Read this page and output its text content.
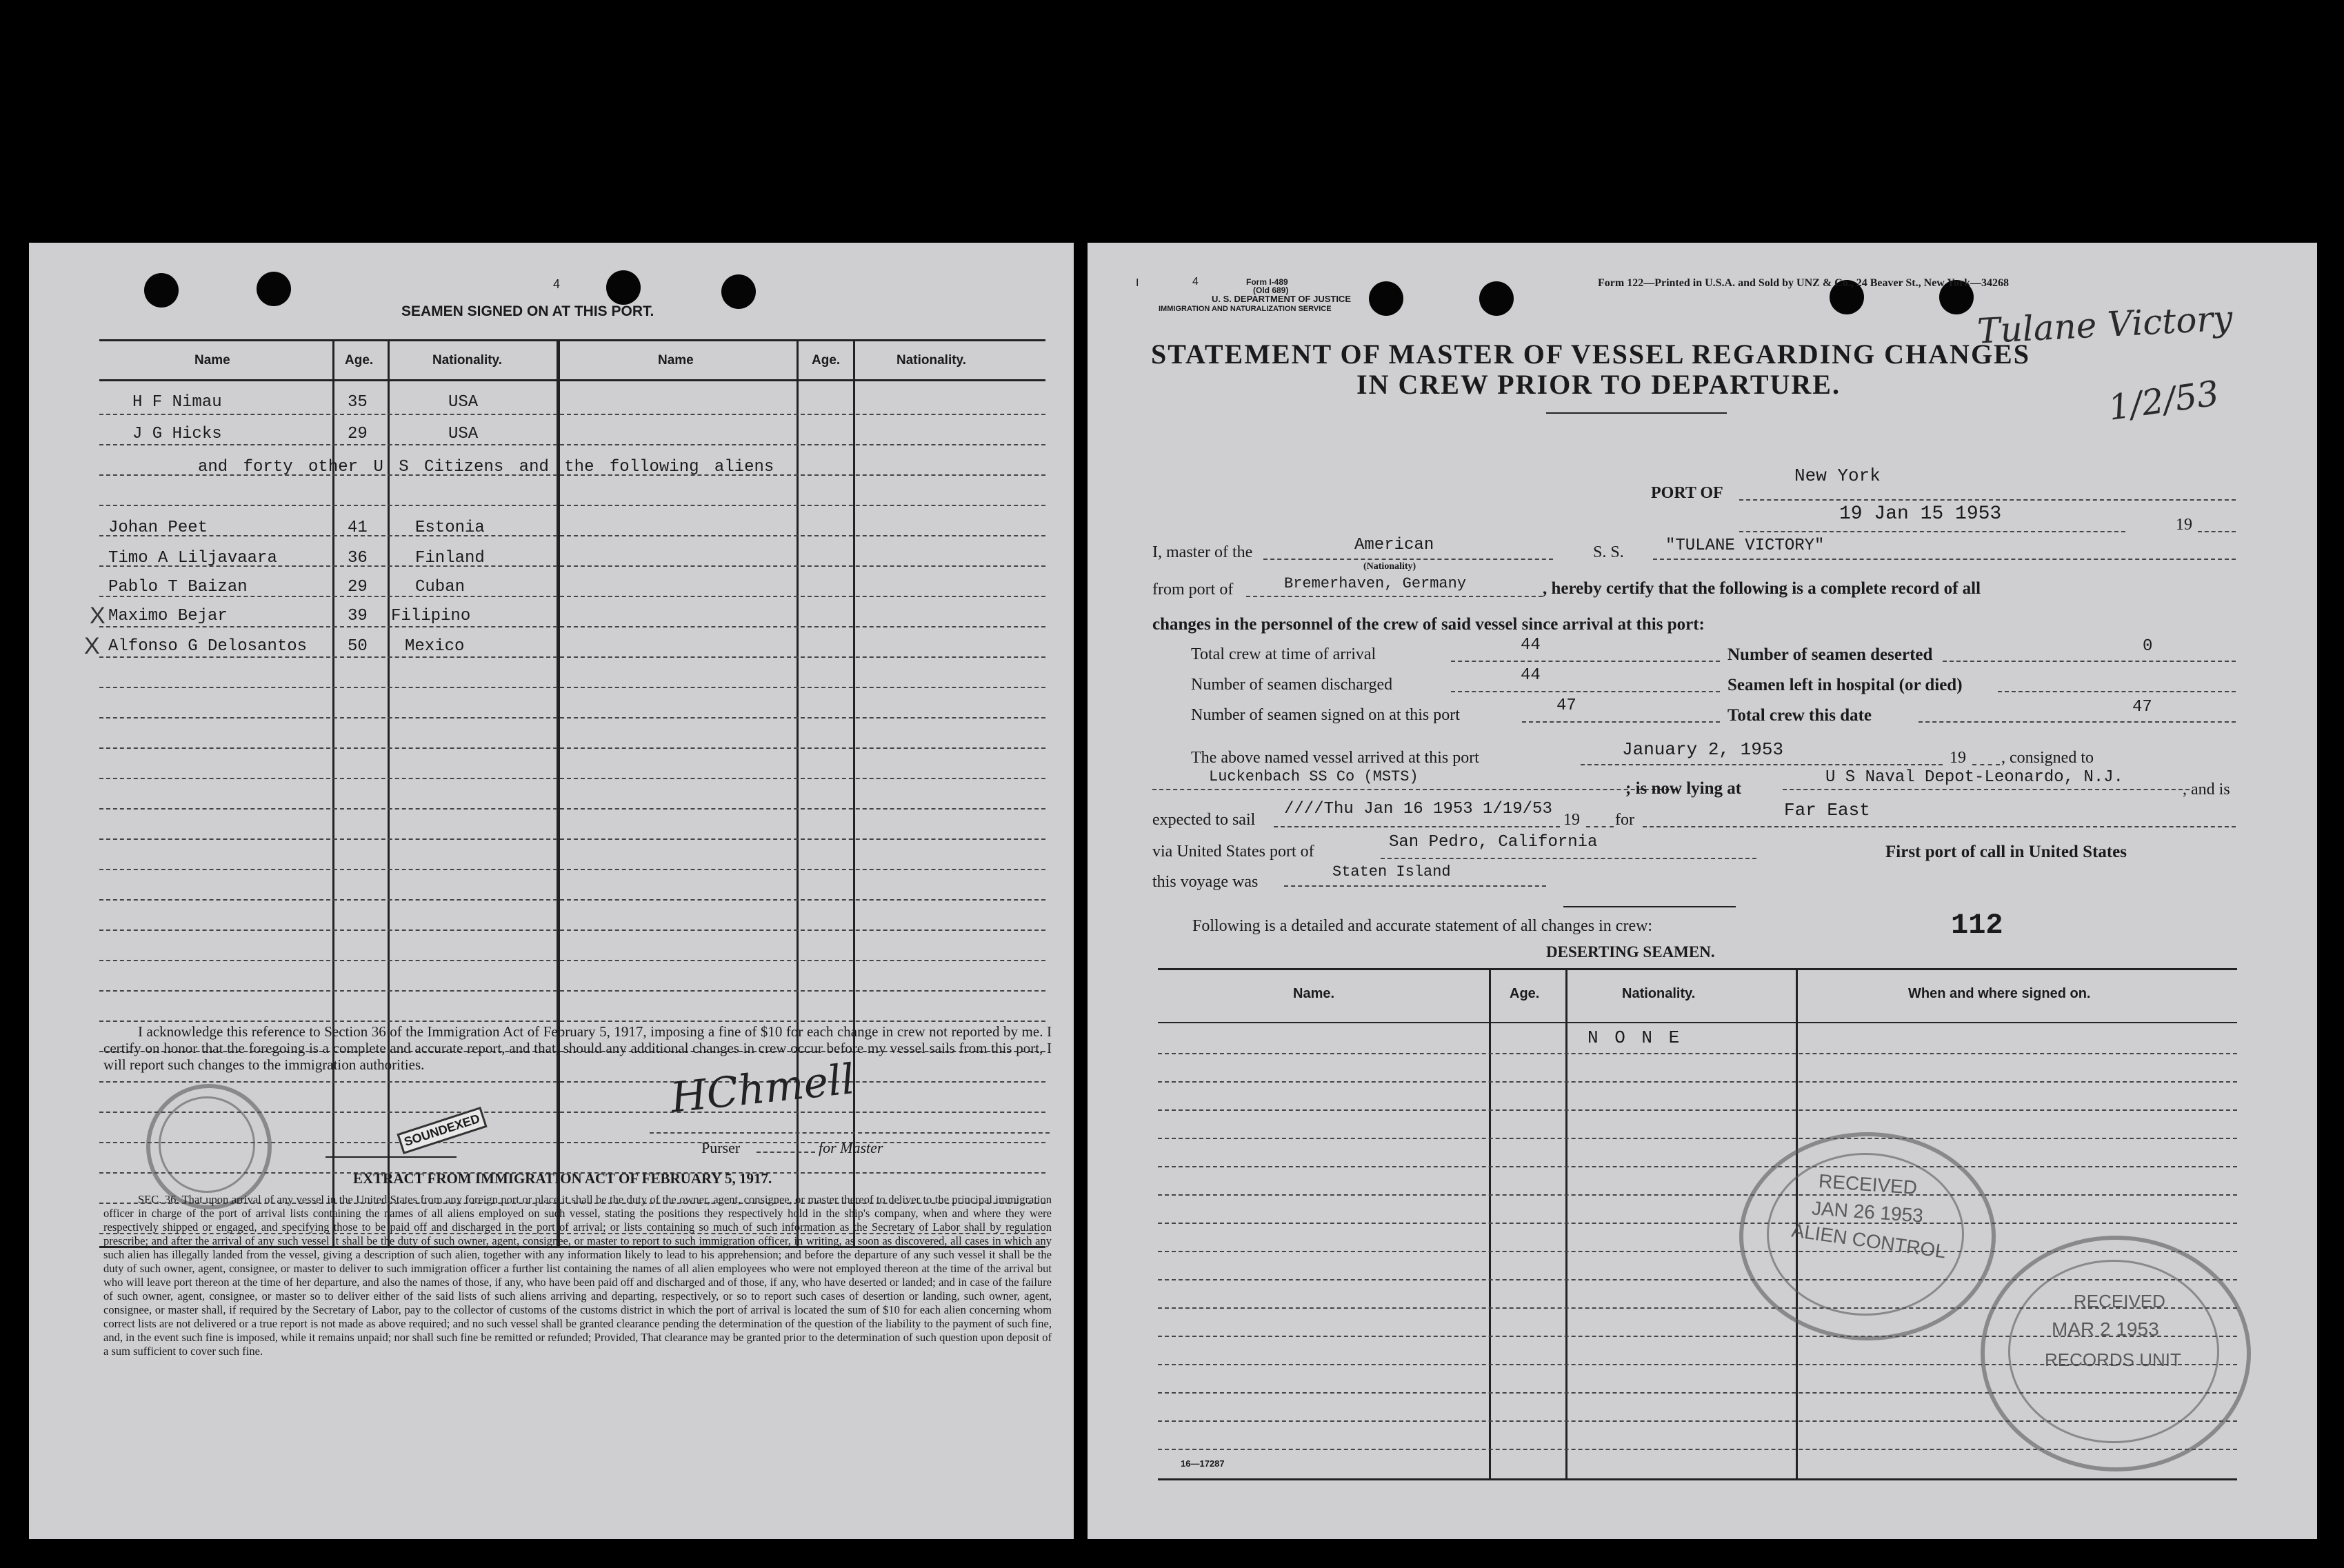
4
SEAMEN SIGNED ON AT THIS PORT.
Name	Age.	Nationality.	Name	Age.	Nationality.
H F Nimau	35	USA
J G Hicks	29	USA
and forty other U S Citizens and the following aliens
Johan Peet	41	Estonia
Timo A Liljavaara	36	Finland
Pablo T Baizan	29	Cuban
X Maximo Bejar	39 Filipino
X Alfonso G Delosantos 50 Mexico
I acknowledge this reference to Section 36 of the Immigration Act of February 5, 1917, imposing a fine of $10 for each change in crew not reported by me. I certify on honor that the foregoing is a complete and accurate report, and that, should any additional changes in crew occur before my vessel sails from this port, I will report such changes to the immigration authorities.	HChmell
Purser	for Master
SOUNDEXED
EXTRACT FROM IMMIGRATION ACT OF FEBRUARY 5, 1917.
SEC. 36. That upon arrival of any vessel in the United States from any foreign port or place it shall be the duty of the owner, agent, consignee, or master thereof to deliver to the principal immigration officer in charge of the port of arrival lists containing the names of all aliens employed on such vessel, stating the positions they respectively hold in the ship's company, when and where they were respectively shipped or engaged, and specifying those to be paid off and discharged in the port of arrival; or lists containing so much of such information as the Secretary of Labor shall by regulation prescribe; and after the arrival of any such vessel it shall be the duty of such owner, agent, consignee, or master to report to such immigration officer, in writing, as soon as discovered, all cases in which any such alien has illegally landed from the vessel, giving a description of such alien, together with any information likely to lead to his apprehension; and before the departure of any such vessel it shall be the duty of such owner, agent, consignee, or master to deliver to such immigration officer a further list containing the names of all alien employees who were not employed thereon at the time of the arrival but who will leave port thereon at the time of her departure, and also the names of those, if any, who have been paid off and discharged and of those, if any, who have deserted or landed; and in case of the failure of such owner, agent, consignee, or master so to deliver either of the said lists of such aliens arriving and departing, respectively, or so to report such cases of desertion or landing, such owner, agent, consignee, or master shall, if required by the Secretary of Labor, pay to the collector of customs of the customs district in which the port of arrival is located the sum of $10 for each alien concerning whom correct lists are not delivered or a true report is not made as above required; and no such vessel shall be granted clearance pending the determination of the question of the liability to the payment of such fine, and, in the event such fine is imposed, while it remains unpaid; nor shall such fine be remitted or refunded; Provided, That clearance may be granted prior to the determination of such question upon deposit of a sum sufficient to cover such fine.
I	4	Form I-489
(Old 689)
U. S. DEPARTMENT OF JUSTICE
IMMIGRATION AND NATURALIZATION SERVICE
Form 122—Printed in U.S.A. and Sold by UNZ & Co., 24 Beaver St., New York—34268
Tulane Victory
1/2/53
STATEMENT OF MASTER OF VESSEL REGARDING CHANGES
IN CREW PRIOR TO DEPARTURE.
PORT OF
New York
19 Jan 15 1953	19
I, master of the	American
(Nationality)
S. S.	"TULANE VICTORY"
from port of	Bremerhaven, Germany	, hereby certify that the following is a complete record of all
changes in the personnel of the crew of said vessel since arrival at this port:
Total crew at time of arrival	44
Number of seamen deserted	0
Number of seamen discharged	44
Seamen left in hospital (or died)
Number of seamen signed on at this port	47
Total crew this date	47
The above named vessel arrived at this port	January 2, 1953	19 , consigned to
Luckenbach SS Co (MSTS)
; is now lying at
U S Naval Depot-Leonardo, N.J.
, and is
expected to sail
////Thu Jan 16 1953 1/19/53
19 for	Far East
via United States port of	San Pedro, California
First port of call in United States
this voyage was
Staten Island
Following is a detailed and accurate statement of all changes in crew:	112
DESERTING SEAMEN.
Name.	Age.	Nationality.	When and where signed on.
N O N E
RECEIVED
JAN 26 1953
ALIEN CONTROL
RECEIVED
MAR 2 1953
RECORDS UNIT
16—17287
